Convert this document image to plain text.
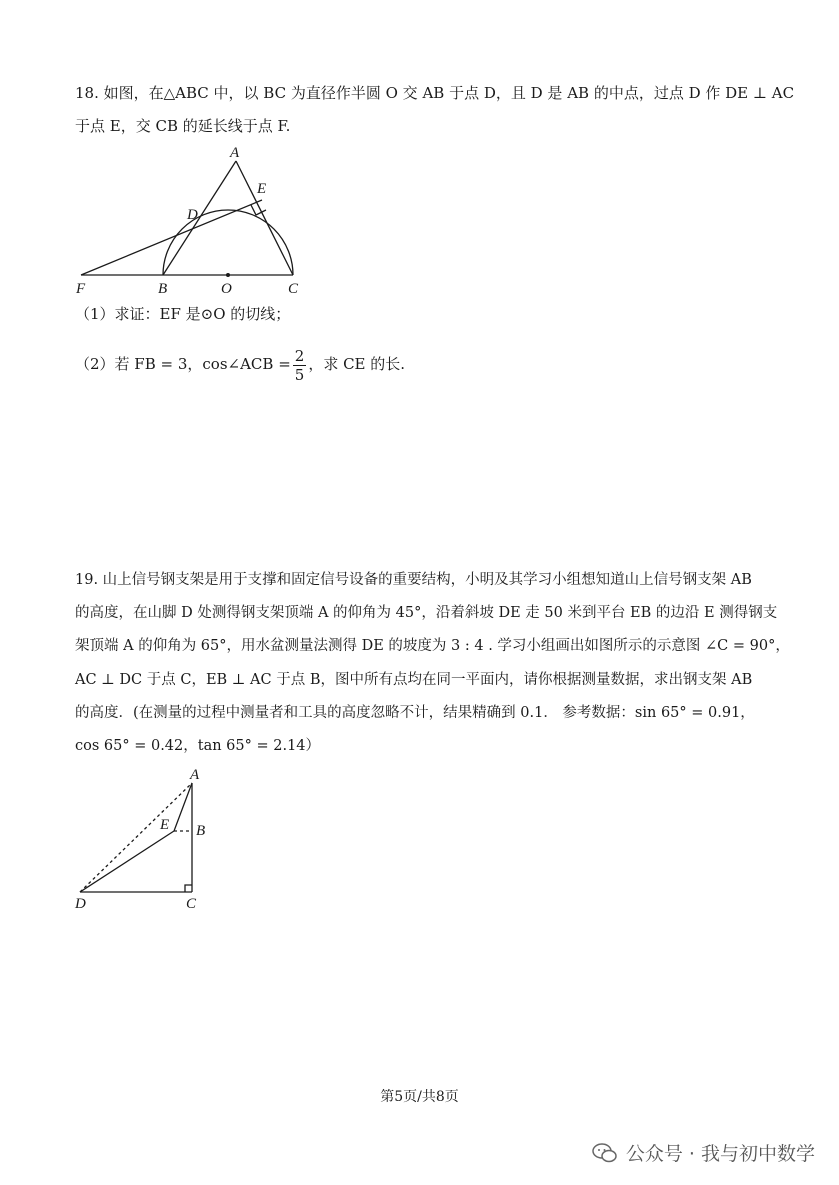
18. 如图，在△ABC 中，以 BC 为直径作半圆 O 交 AB 于点 D，且 D 是 AB 的中点，过点 D 作 DE ⊥ AC
于点 E，交 CB 的延长线于点 F.
A
E
D
F	B	O	C
（1）求证：EF 是⊙O 的切线；
（2）若 FB = 3，cos∠ACB = $\frac{2}{5}$ ，求 CE 的长.
19. 山上信号钢支架是用于支撑和固定信号设备的重要结构，小明及其学习小组想知道山上信号钢支架 AB
的高度，在山脚 D 处测得钢支架顶端 A 的仰角为 45°，沿着斜坡 DE 走 50 米到平台 EB 的边沿 E 测得钢支
架顶端 A 的仰角为 65°，用水盆测量法测得 DE 的坡度为 3 : 4 . 学习小组画出如图所示的示意图 ∠C = 90°，
AC ⊥ DC 于点 C，EB ⊥ AC 于点 B，图中所有点均在同一平面内，请你根据测量数据，求出钢支架 AB
的高度．(在测量的过程中测量者和工具的高度忽略不计，结果精确到 0.1． 参考数据：sin 65° = 0.91，
cos 65° = 0.42，tan 65° = 2.14）
A
E B
D	C
第5页/共8页
公众号 · 我与初中数学
